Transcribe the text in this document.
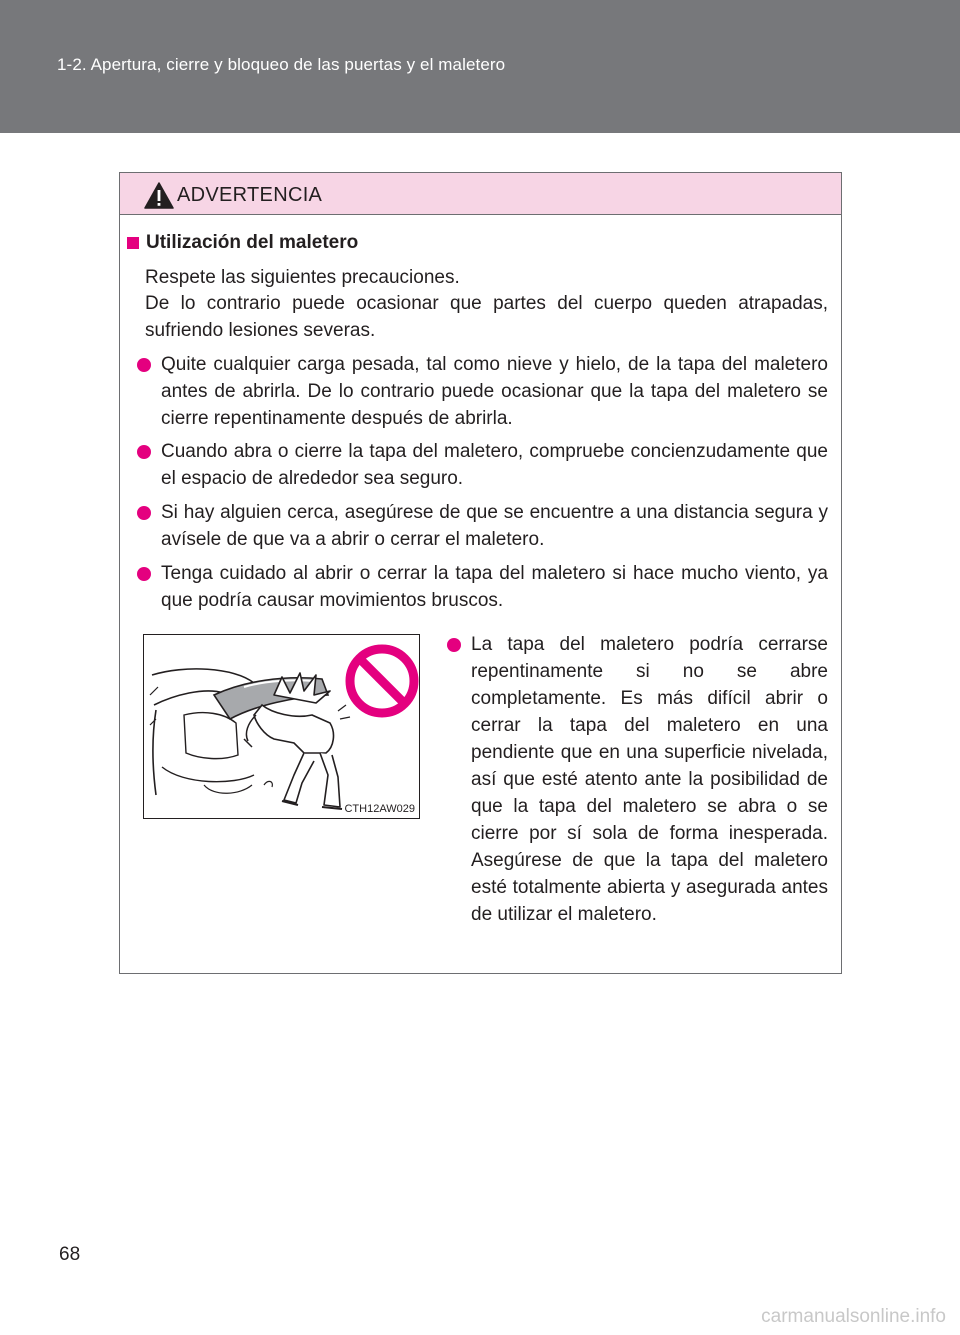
1-2. Apertura, cierre y bloqueo de las puertas y el maletero
ADVERTENCIA
Utilización del maletero
Respete las siguientes precauciones.
De lo contrario puede ocasionar que partes del cuerpo queden atrapadas, sufriendo lesiones severas.
Quite cualquier carga pesada, tal como nieve y hielo, de la tapa del maletero antes de abrirla. De lo contrario puede ocasionar que la tapa del maletero se cierre repentinamente después de abrirla.
Cuando abra o cierre la tapa del maletero, compruebe concienzudamente que el espacio de alrededor sea seguro.
Si hay alguien cerca, asegúrese de que se encuentre a una distancia segura y avísele de que va a abrir o cerrar el maletero.
Tenga cuidado al abrir o cerrar la tapa del maletero si hace mucho viento, ya que podría causar movimientos bruscos.
CTH12AW029
La tapa del maletero podría cerrarse repentinamente si no se abre completamente. Es más difícil abrir o cerrar la tapa del maletero en una pendiente que en una superficie nivelada, así que esté atento ante la posibilidad de que la tapa del maletero se abra o se cierre por sí sola de forma inesperada. Asegúrese de que la tapa del maletero esté totalmente abierta y asegurada antes de utilizar el maletero.
68
carmanualsonline.info
